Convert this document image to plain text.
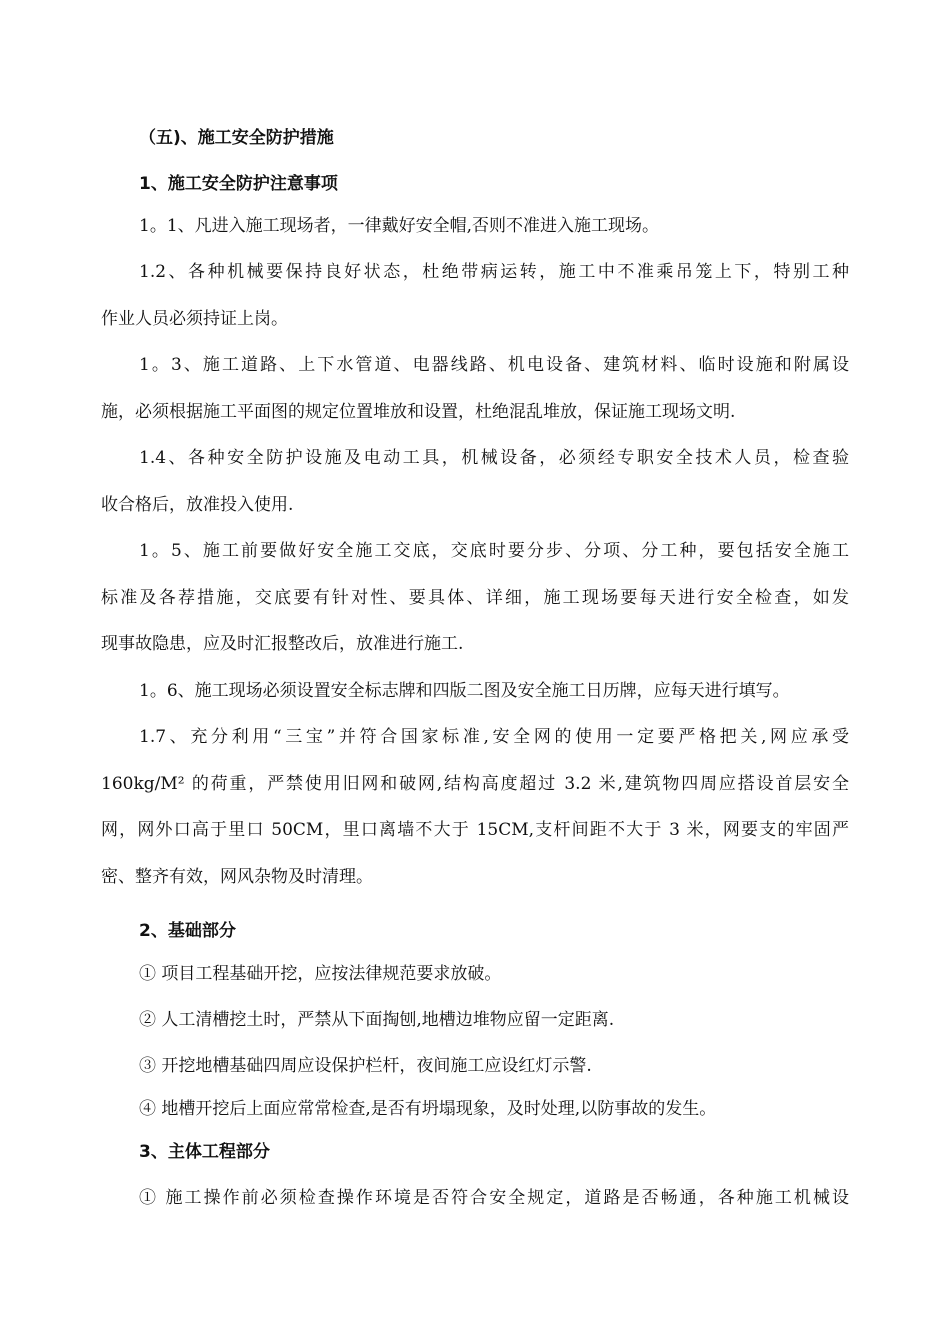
（五)、施工安全防护措施
1、施工安全防护注意事项
1。1、凡进入施工现场者，一律戴好安全帽,否则不准进入施工现场。
1.2、各种机械要保持良好状态，杜绝带病运转，施工中不准乘吊笼上下，特别工种
作业人员必须持证上岗。
1。3、施工道路、上下水管道、电器线路、机电设备、建筑材料、临时设施和附属设
施，必须根据施工平面图的规定位置堆放和设置，杜绝混乱堆放，保证施工现场文明.
1.4、各种安全防护设施及电动工具，机械设备，必须经专职安全技术人员，检查验
收合格后，放准投入使用.
1。5、施工前要做好安全施工交底，交底时要分步、分项、分工种，要包括安全施工
标准及各荐措施，交底要有针对性、要具体、详细，施工现场要每天进行安全检查，如发
现事故隐患，应及时汇报整改后，放准进行施工.
1。6、施工现场必须设置安全标志牌和四版二图及安全施工日历牌，应每天进行填写。
1.7、充分利用“三宝”并符合国家标准,安全网的使用一定要严格把关,网应承受
160kg/M² 的荷重，严禁使用旧网和破网,结构高度超过 3.2 米,建筑物四周应搭设首层安全
网，网外口高于里口 50CM，里口离墙不大于 15CM,支杆间距不大于 3 米，网要支的牢固严
密、整齐有效，网风杂物及时清理。
2、基础部分
① 项目工程基础开挖，应按法律规范要求放破。
② 人工清槽挖土时，严禁从下面掏刨,地槽边堆物应留一定距离.
③ 开挖地槽基础四周应设保护栏杆，夜间施工应设红灯示警.
④ 地槽开挖后上面应常常检查,是否有坍塌现象，及时处理,以防事故的发生。
3、主体工程部分
① 施工操作前必须检查操作环境是否符合安全规定，道路是否畅通，各种施工机械设
